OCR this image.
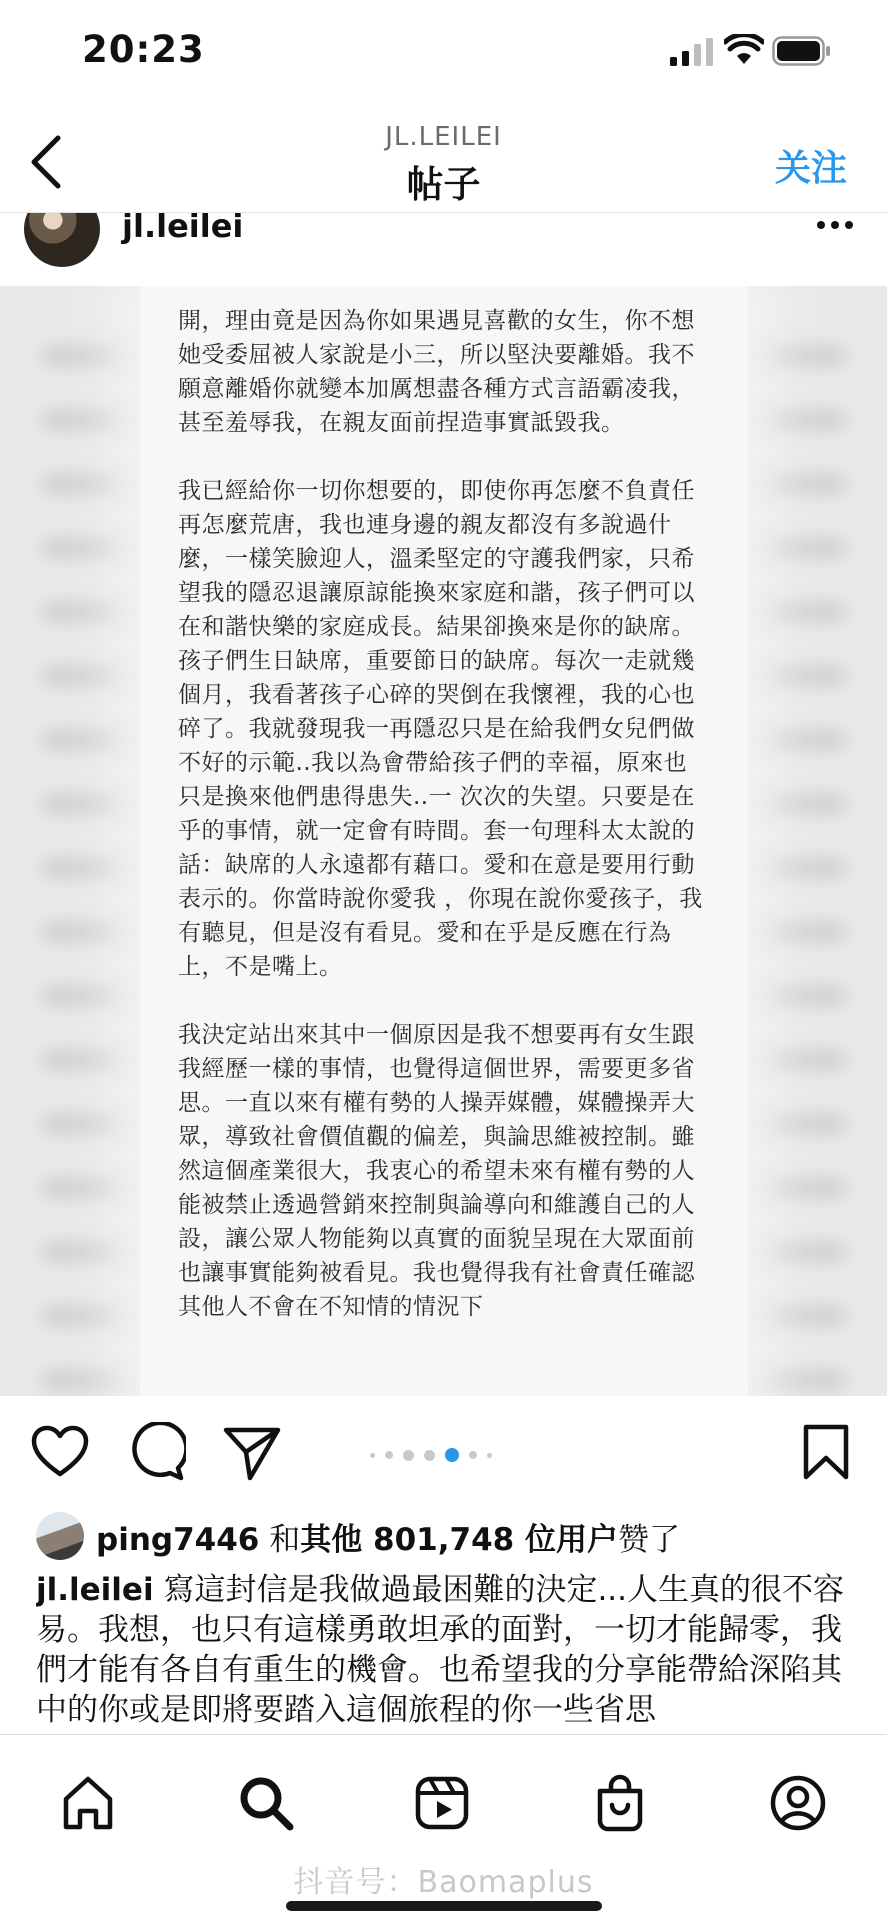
20:23
JL.LEILEI
帖子	关注
jl.leilei

開，理由竟是因為你如果遇見喜歡的女生，你不想她受委屈被人家說是小三，所以堅決要離婚。我不願意離婚你就變本加厲想盡各種方式言語霸凌我，甚至羞辱我，在親友面前捏造事實詆毀我。

我已經給你一切你想要的，即使你再怎麼不負責任再怎麼荒唐，我也連身邊的親友都沒有多說過什麼，一樣笑臉迎人，溫柔堅定的守護我們家，只希望我的隱忍退讓原諒能換來家庭和諧，孩子們可以在和諧快樂的家庭成長。結果卻換來是你的缺席。孩子們生日缺席，重要節日的缺席。每次一走就幾個月，我看著孩子心碎的哭倒在我懷裡，我的心也碎了。我就發現我一再隱忍只是在給我們女兒們做不好的示範..我以為會帶給孩子們的幸福，原來也只是換來他們患得患失..一 次次的失望。只要是在乎的事情，就一定會有時間。套一句理科太太說的話：缺席的人永遠都有藉口。愛和在意是要用行動表示的。你當時說你愛我 ，你現在說你愛孩子，我有聽見，但是沒有看見。愛和在乎是反應在行為上，不是嘴上。

我決定站出來其中一個原因是我不想要再有女生跟我經歷一樣的事情，也覺得這個世界，需要更多省思。一直以來有權有勢的人操弄媒體，媒體操弄大眾，導致社會價值觀的偏差，與論思維被控制。雖然這個產業很大，我衷心的希望未來有權有勢的人能被禁止透過營銷來控制與論導向和維護自己的人設，讓公眾人物能夠以真實的面貌呈現在大眾面前也讓事實能夠被看見。我也覺得我有社會責任確認其他人不會在不知情的情況下

ping7446 和其他 801,748 位用户赞了
jl.leilei 寫這封信是我做過最困難的決定...人生真的很不容易。我想，也只有這樣勇敢坦承的面對，一切才能歸零，我們才能有各自有重生的機會。也希望我的分享能帶給深陷其中的你或是即將要踏入這個旅程的你一些省思
抖音号：Baomaplus
